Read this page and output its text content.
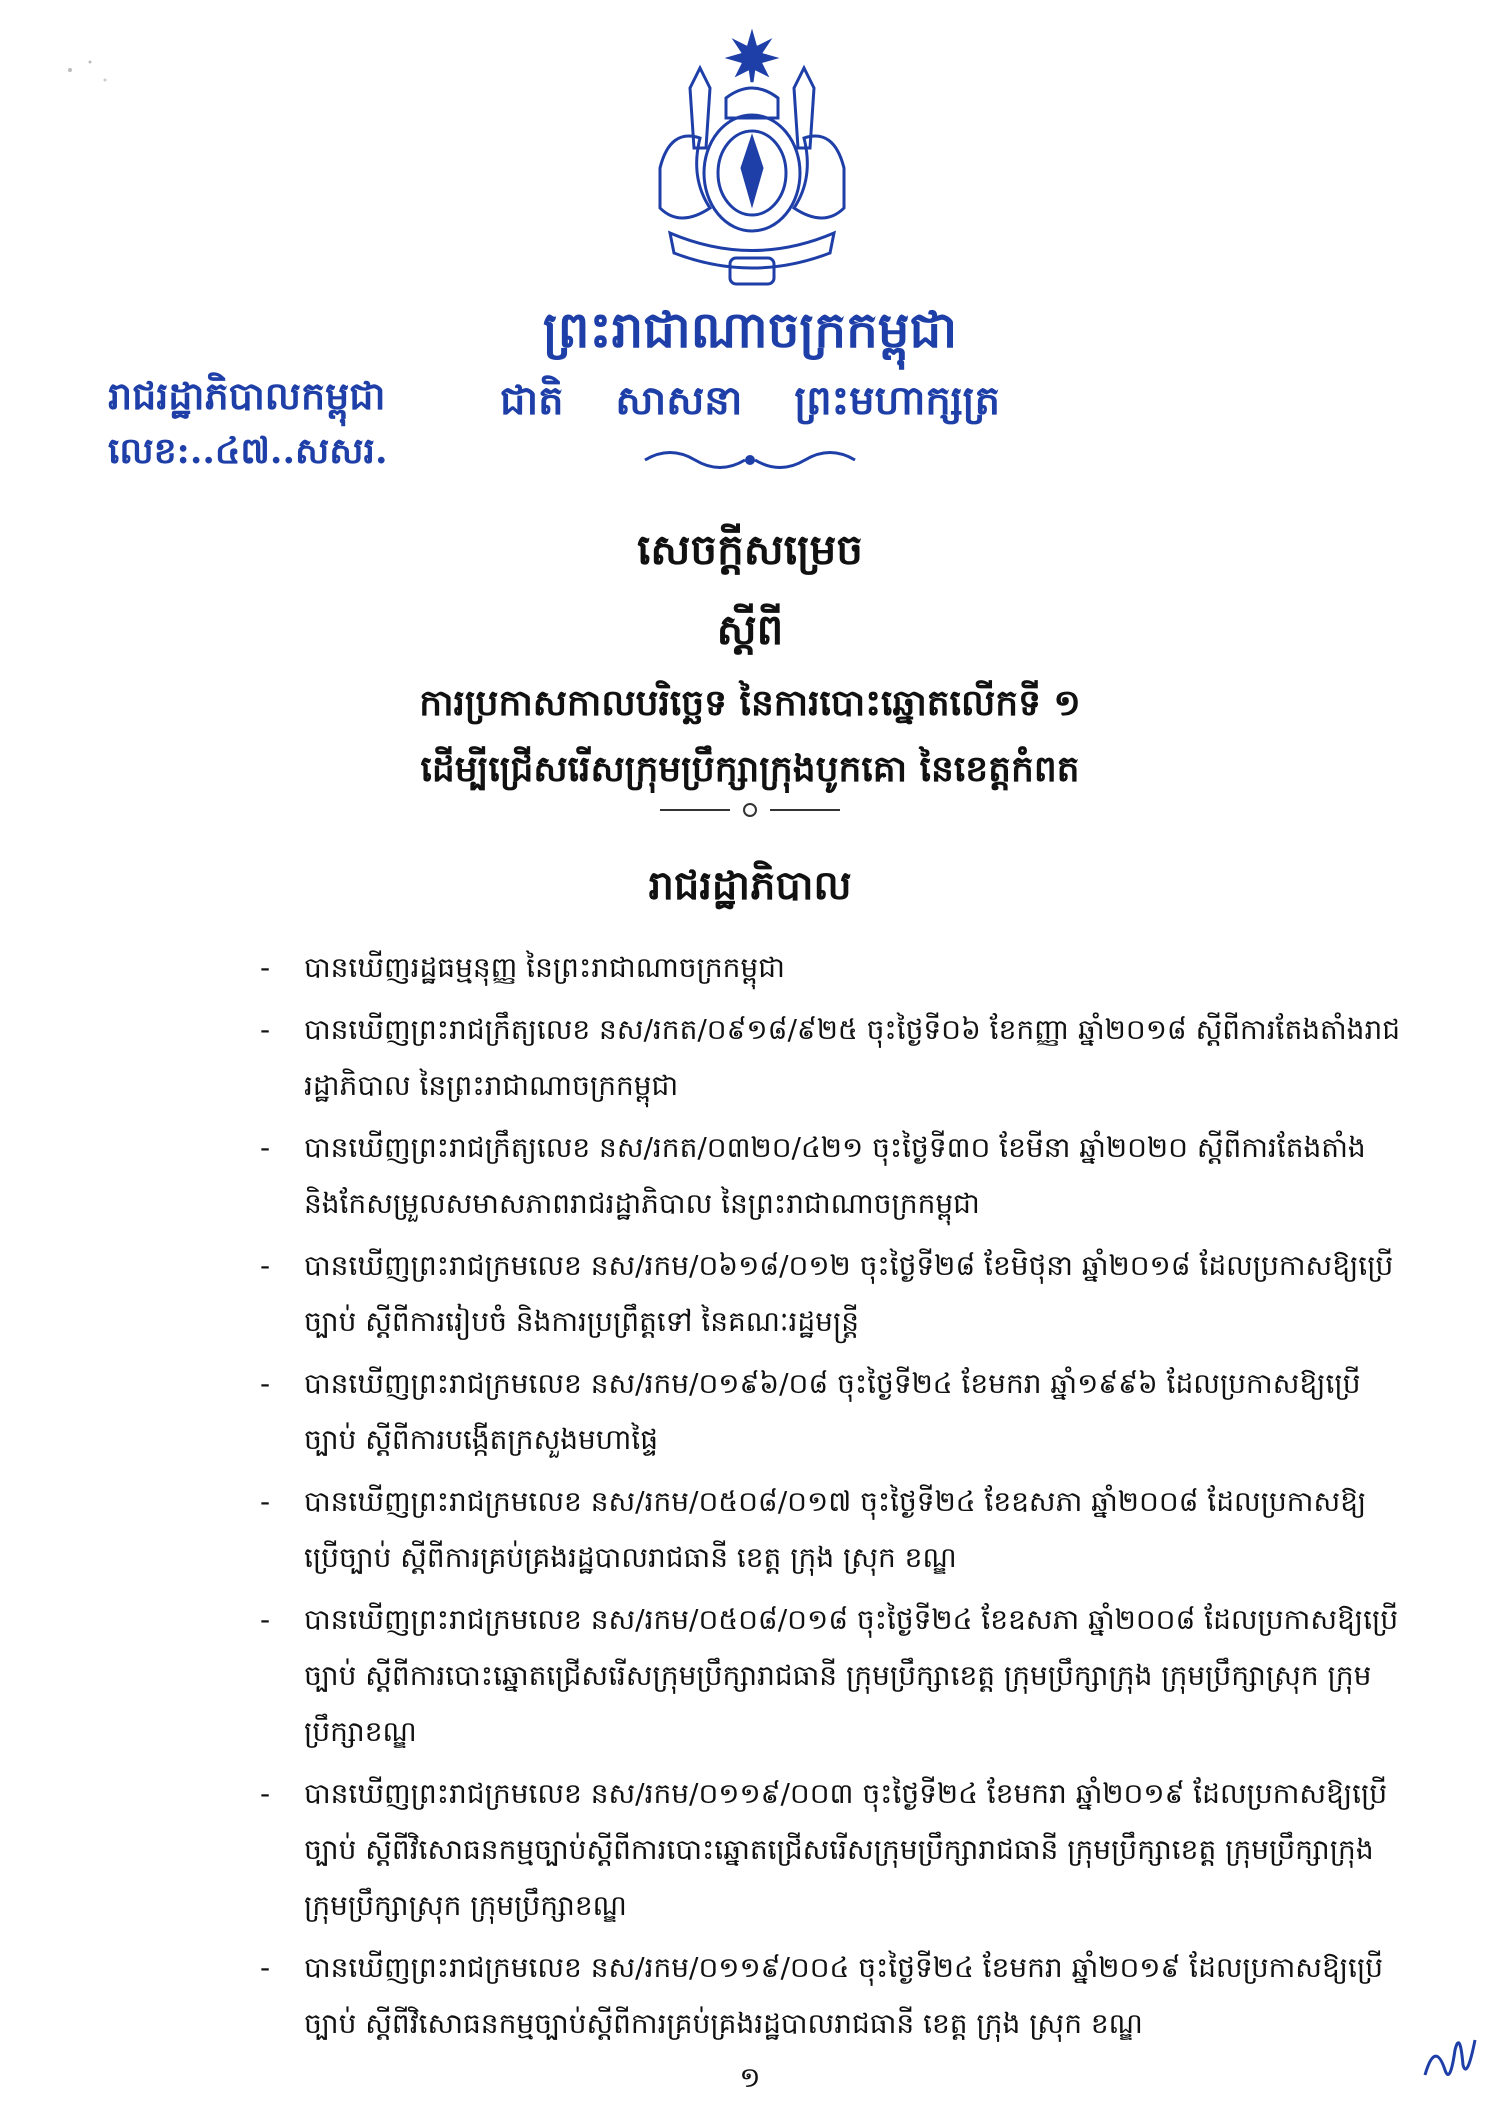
ព្រះរាជាណាចក្រកម្ពុជា
ជាតិ សាសនា ព្រះមហាក្សត្រ
រាជរដ្ឋាភិបាលកម្ពុជា
លេខ:..៤៧..សសរ.
សេចក្តីសម្រេច
ស្តីពី
ការប្រកាសកាលបរិច្ឆេទ នៃការបោះឆ្នោតលើកទី ១
ដើម្បីជ្រើសរើសក្រុមប្រឹក្សាក្រុងបូកគោ នៃខេត្តកំពត
រាជរដ្ឋាភិបាល
- បានឃើញរដ្ឋធម្មនុញ្ញ នៃព្រះរាជាណាចក្រកម្ពុជា
- បានឃើញព្រះរាជក្រឹត្យលេខ នស/រកត/០៩១៨/៩២៥ ចុះថ្ងៃទី០៦ ខែកញ្ញា ឆ្នាំ២០១៨ ស្តីពីការតែងតាំងរាជរដ្ឋាភិបាល នៃព្រះរាជាណាចក្រកម្ពុជា
- បានឃើញព្រះរាជក្រឹត្យលេខ នស/រកត/០៣២០/៤២១ ចុះថ្ងៃទី៣០ ខែមីនា ឆ្នាំ២០២០ ស្តីពីការតែងតាំង និងកែសម្រួលសមាសភាពរាជរដ្ឋាភិបាល នៃព្រះរាជាណាចក្រកម្ពុជា
- បានឃើញព្រះរាជក្រមលេខ នស/រកម/០៦១៨/០១២ ចុះថ្ងៃទី២៨ ខែមិថុនា ឆ្នាំ២០១៨ ដែលប្រកាសឱ្យប្រើច្បាប់ ស្តីពីការរៀបចំ និងការប្រព្រឹត្តទៅ នៃគណៈរដ្ឋមន្ត្រី
- បានឃើញព្រះរាជក្រមលេខ នស/រកម/០១៩៦/០៨ ចុះថ្ងៃទី២៤ ខែមករា ឆ្នាំ១៩៩៦ ដែលប្រកាសឱ្យប្រើច្បាប់ ស្តីពីការបង្កើតក្រសួងមហាផ្ទៃ
- បានឃើញព្រះរាជក្រមលេខ នស/រកម/០៥០៨/០១៧ ចុះថ្ងៃទី២៤ ខែឧសភា ឆ្នាំ២០០៨ ដែលប្រកាសឱ្យប្រើច្បាប់ ស្តីពីការគ្រប់គ្រងរដ្ឋបាលរាជធានី ខេត្ត ក្រុង ស្រុក ខណ្ឌ
- បានឃើញព្រះរាជក្រមលេខ នស/រកម/០៥០៨/០១៨ ចុះថ្ងៃទី២៤ ខែឧសភា ឆ្នាំ២០០៨ ដែលប្រកាសឱ្យប្រើច្បាប់ ស្តីពីការបោះឆ្នោតជ្រើសរើសក្រុមប្រឹក្សារាជធានី ក្រុមប្រឹក្សាខេត្ត ក្រុមប្រឹក្សាក្រុង ក្រុមប្រឹក្សាស្រុក ក្រុមប្រឹក្សាខណ្ឌ
- បានឃើញព្រះរាជក្រមលេខ នស/រកម/០១១៩/០០៣ ចុះថ្ងៃទី២៤ ខែមករា ឆ្នាំ២០១៩ ដែលប្រកាសឱ្យប្រើច្បាប់ ស្តីពីវិសោធនកម្មច្បាប់ស្តីពីការបោះឆ្នោតជ្រើសរើសក្រុមប្រឹក្សារាជធានី ក្រុមប្រឹក្សាខេត្ត ក្រុមប្រឹក្សាក្រុង ក្រុមប្រឹក្សាស្រុក ក្រុមប្រឹក្សាខណ្ឌ
- បានឃើញព្រះរាជក្រមលេខ នស/រកម/០១១៩/០០៤ ចុះថ្ងៃទី២៤ ខែមករា ឆ្នាំ២០១៩ ដែលប្រកាសឱ្យប្រើច្បាប់ ស្តីពីវិសោធនកម្មច្បាប់ស្តីពីការគ្រប់គ្រងរដ្ឋបាលរាជធានី ខេត្ត ក្រុង ស្រុក ខណ្ឌ
១
